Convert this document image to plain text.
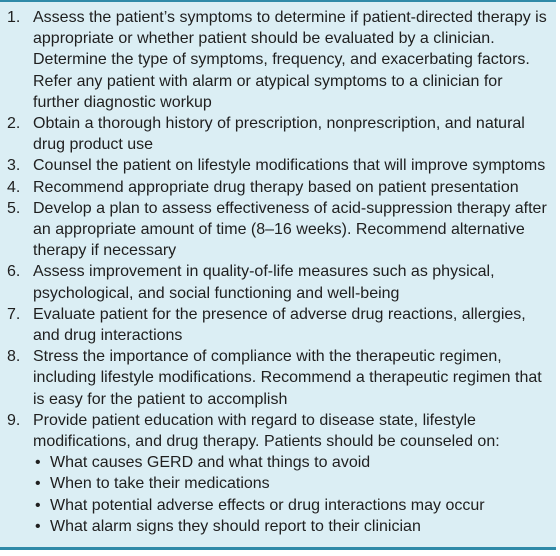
1. Assess the patient’s symptoms to determine if patient-directed therapy is appropriate or whether patient should be evaluated by a clinician. Determine the type of symptoms, frequency, and exacerbating factors. Refer any patient with alarm or atypical symptoms to a clinician for further diagnostic workup
2. Obtain a thorough history of prescription, nonprescription, and natural drug product use
3. Counsel the patient on lifestyle modifications that will improve symptoms
4. Recommend appropriate drug therapy based on patient presentation
5. Develop a plan to assess effectiveness of acid-suppression therapy after an appropriate amount of time (8–16 weeks). Recommend alternative therapy if necessary
6. Assess improvement in quality-of-life measures such as physical, psychological, and social functioning and well-being
7. Evaluate patient for the presence of adverse drug reactions, allergies, and drug interactions
8. Stress the importance of compliance with the therapeutic regimen, including lifestyle modifications. Recommend a therapeutic regimen that is easy for the patient to accomplish
9. Provide patient education with regard to disease state, lifestyle modifications, and drug therapy. Patients should be counseled on:
• What causes GERD and what things to avoid
• When to take their medications
• What potential adverse effects or drug interactions may occur
• What alarm signs they should report to their clinician
